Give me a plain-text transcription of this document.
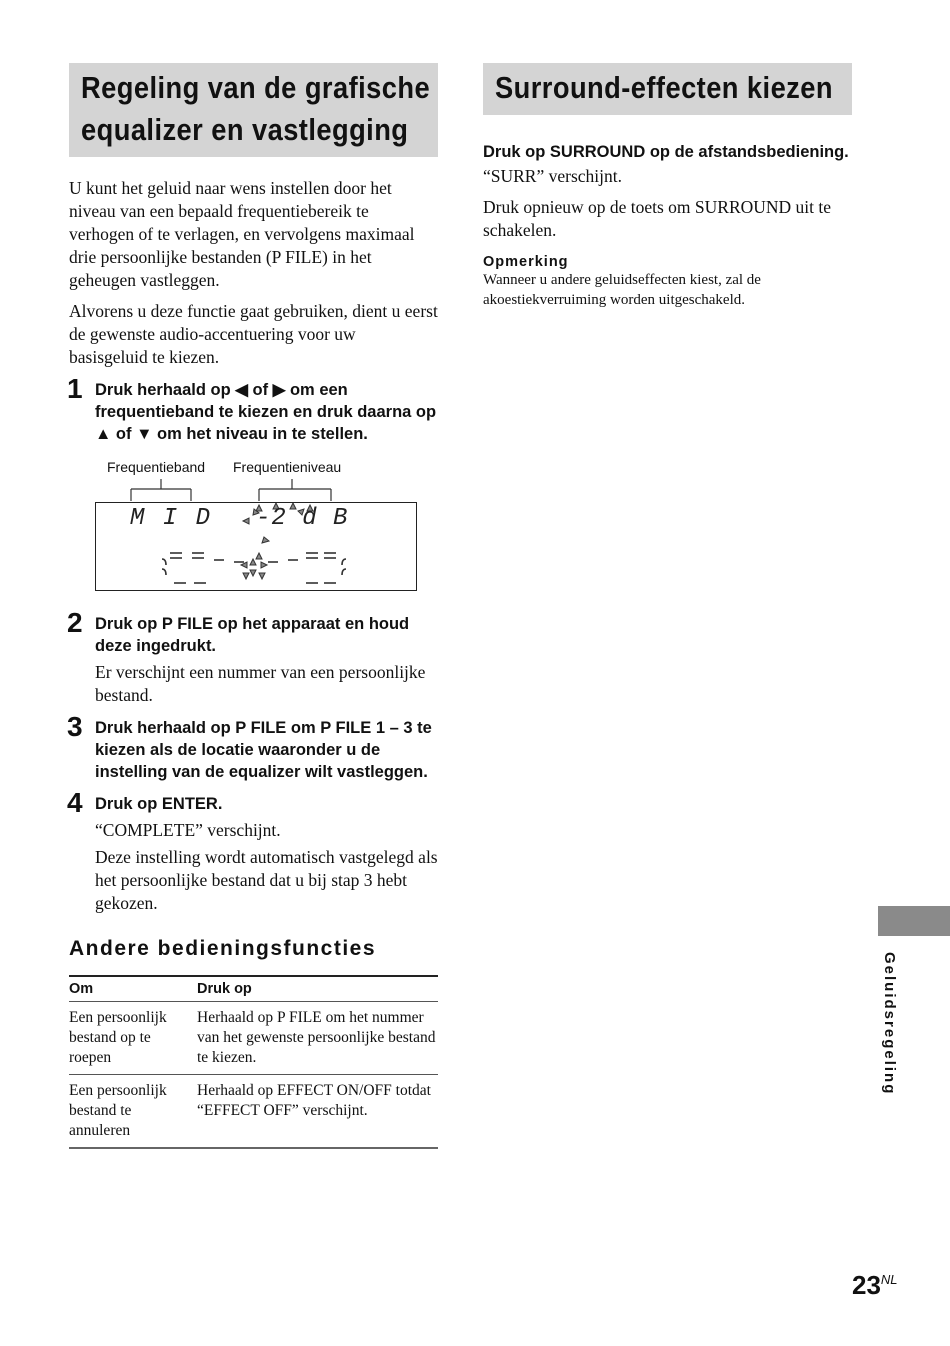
Regeling van de grafische
equalizer en vastlegging

U kunt het geluid naar wens instellen door het niveau van een bepaald frequentiebereik te verhogen of te verlagen, en vervolgens maximaal drie persoonlijke bestanden (P FILE) in het geheugen vastleggen.

Alvorens u deze functie gaat gebruiken, dient u eerst de gewenste audio-accentuering voor uw basisgeluid te kiezen.

1 Druk herhaald op ◀ of ▶ om een frequentieband te kiezen en druk daarna op ▲ of ▼ om het niveau in te stellen.

Frequentieband Frequentieniveau
M I D -2 d B
2 Druk op P FILE op het apparaat en houd deze ingedrukt.

Er verschijnt een nummer van een persoonlijke bestand.

3 Druk herhaald op P FILE om P FILE 1 – 3 te kiezen als de locatie waaronder u de instelling van de equalizer wilt vastleggen.

4 Druk op ENTER.

“COMPLETE” verschijnt.

Deze instelling wordt automatisch vastgelegd als het persoonlijke bestand dat u bij stap 3 hebt gekozen.

Andere bedieningsfuncties
Om	Druk op
Een persoonlijk bestand op te roepen	Herhaald op P FILE om het nummer van het gewenste persoonlijke bestand te kiezen.
Een persoonlijk bestand te annuleren	Herhaald op EFFECT ON/OFF totdat “EFFECT OFF” verschijnt.
Surround-effecten kiezen

Druk op SURROUND op de afstandsbediening.

“SURR” verschijnt.

Druk opnieuw op de toets om SURROUND uit te schakelen.

Opmerking

Wanneer u andere geluidseffecten kiest, zal de akoestiekverruiming worden uitgeschakeld.

Geluidsregeling
$23^{NL}$
